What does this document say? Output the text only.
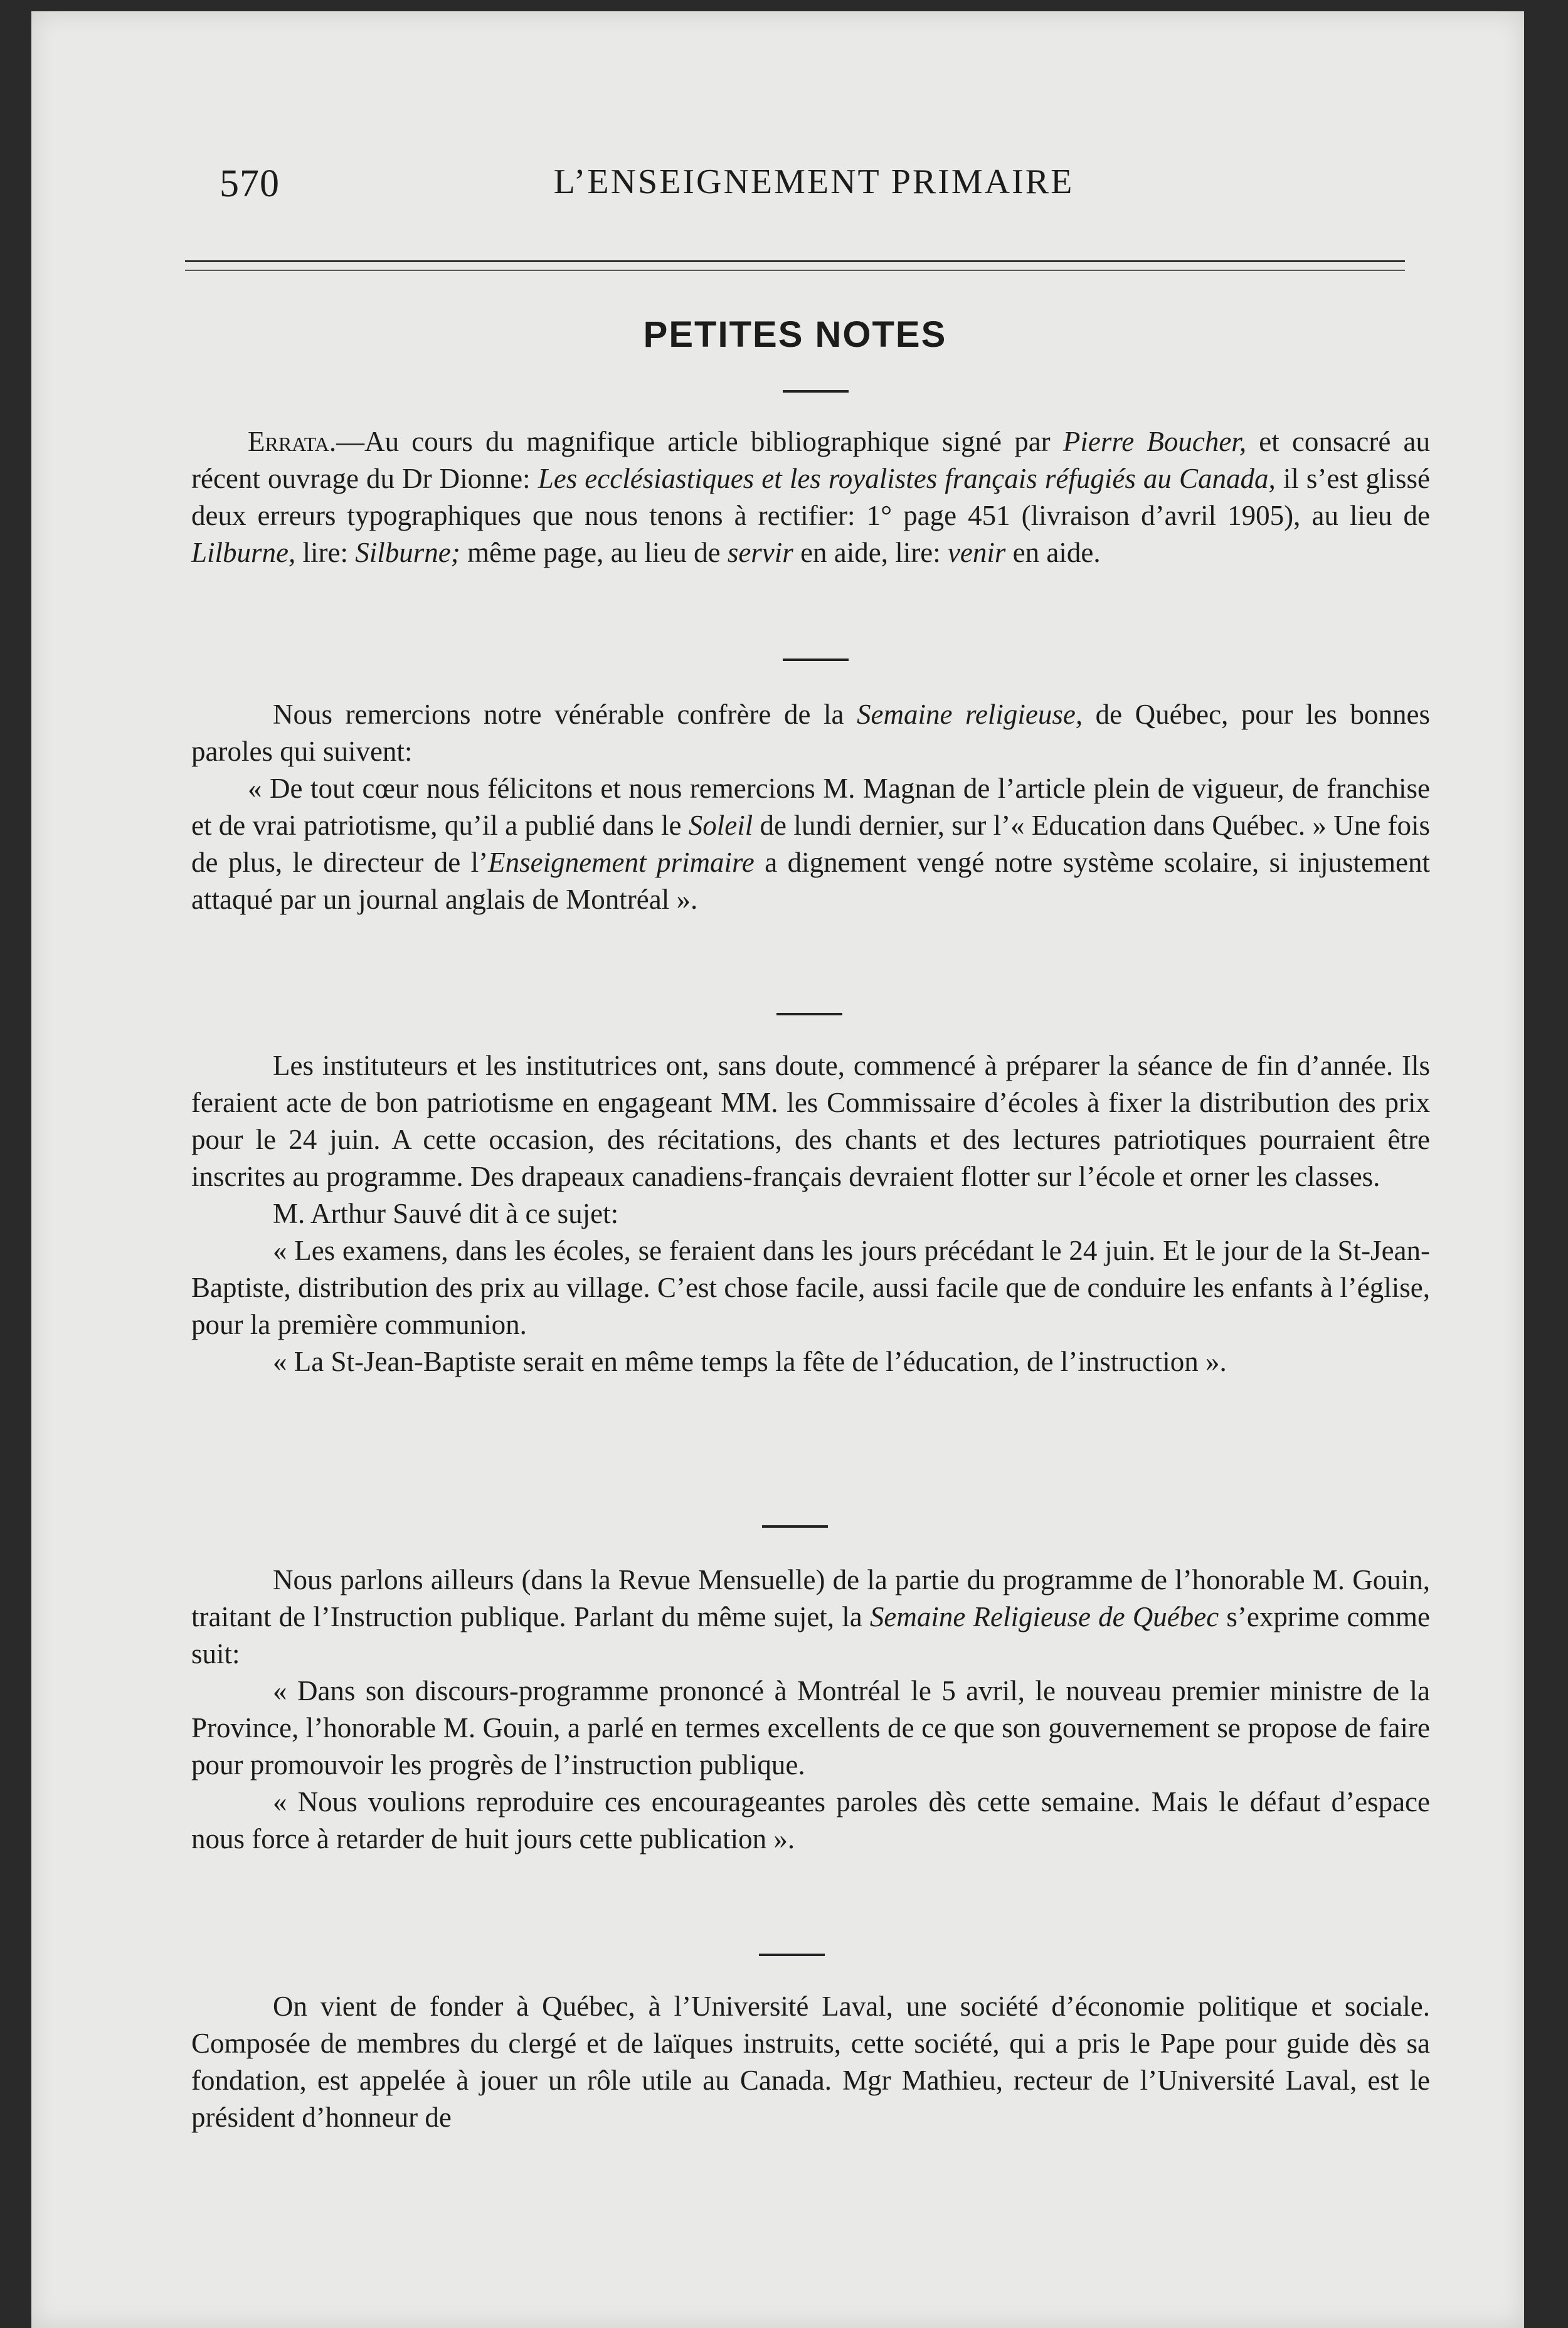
570	L’ENSEIGNEMENT PRIMAIRE
PETITES NOTES

Errata.—Au cours du magnifique article bibliographique signé par Pierre Boucher, et consacré au récent ouvrage du Dr Dionne: Les ecclésiastiques et les royalistes français réfugiés au Canada, il s’est glissé deux erreurs typographiques que nous tenons à rectifier: 1° page 451 (livraison d’avril 1905), au lieu de Lilburne, lire: Silburne; même page, au lieu de servir en aide, lire: venir en aide.

Nous remercions notre vénérable confrère de la Semaine religieuse, de Québec, pour les bonnes paroles qui suivent:

« De tout cœur nous félicitons et nous remercions M. Magnan de l’article plein de vigueur, de franchise et de vrai patriotisme, qu’il a publié dans le Soleil de lundi dernier, sur l’« Education dans Québec. » Une fois de plus, le directeur de l’Enseignement primaire a dignement vengé notre système scolaire, si injustement attaqué par un journal anglais de Montréal ».

Les instituteurs et les institutrices ont, sans doute, commencé à préparer la séance de fin d’année. Ils feraient acte de bon patriotisme en engageant MM. les Commissaire d’écoles à fixer la distribution des prix pour le 24 juin. A cette occasion, des récitations, des chants et des lectures patriotiques pourraient être inscrites au programme. Des drapeaux canadiens-français devraient flotter sur l’école et orner les classes.

M. Arthur Sauvé dit à ce sujet:

« Les examens, dans les écoles, se feraient dans les jours précédant le 24 juin. Et le jour de la St-Jean-Baptiste, distribution des prix au village. C’est chose facile, aussi facile que de conduire les enfants à l’église, pour la première communion.

« La St-Jean-Baptiste serait en même temps la fête de l’éducation, de l’instruction ».

Nous parlons ailleurs (dans la Revue Mensuelle) de la partie du programme de l’honorable M. Gouin, traitant de l’Instruction publique. Parlant du même sujet, la Semaine Religieuse de Québec s’exprime comme suit:

« Dans son discours-programme prononcé à Montréal le 5 avril, le nouveau premier ministre de la Province, l’honorable M. Gouin, a parlé en termes excellents de ce que son gouvernement se propose de faire pour promouvoir les progrès de l’instruction publique.

« Nous voulions reproduire ces encourageantes paroles dès cette semaine. Mais le défaut d’espace nous force à retarder de huit jours cette publication ».

On vient de fonder à Québec, à l’Université Laval, une société d’économie politique et sociale. Composée de membres du clergé et de laïques instruits, cette société, qui a pris le Pape pour guide dès sa fondation, est appelée à jouer un rôle utile au Canada. Mgr Mathieu, recteur de l’Université Laval, est le président d’honneur de
